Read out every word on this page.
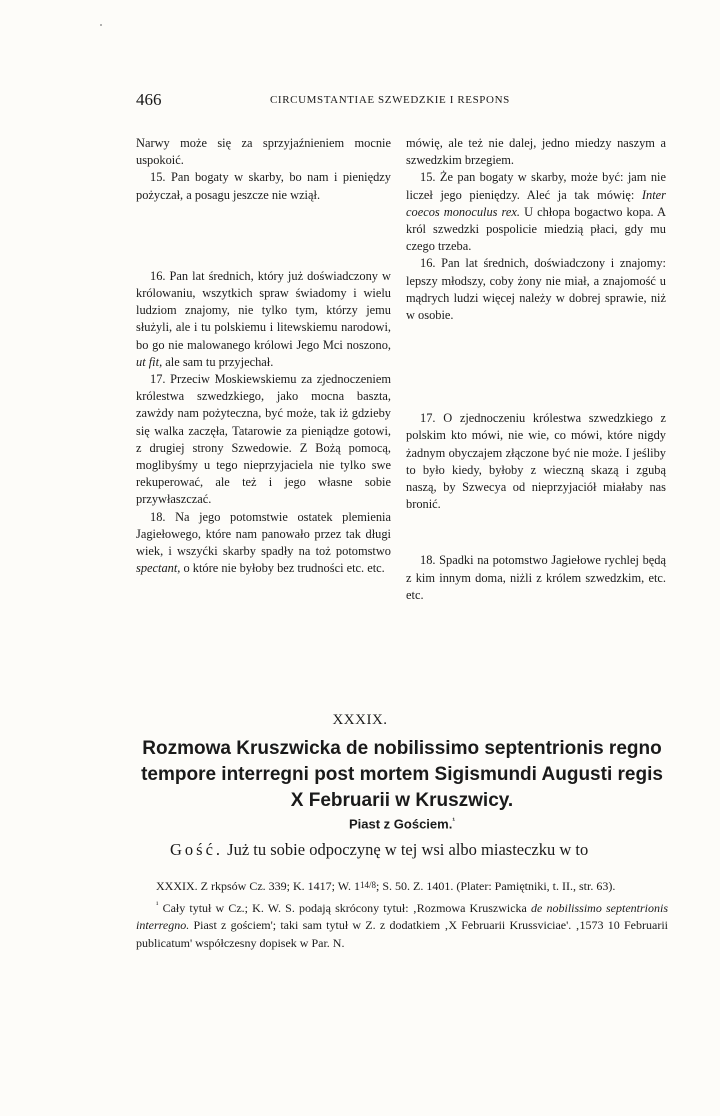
466	CIRCUMSTANTIAE SZWEDZKIE I RESPONS

Narwy może się za sprzyjaźnieniem mocnie uspokoić.

15. Pan bogaty w skarby, bo nam i pieniędzy pożyczał, a posagu jeszcze nie wziął.

16. Pan lat średnich, który już doświadczony w królowaniu, wszytkich spraw świadomy i wielu ludziom znajomy, nie tylko tym, którzy jemu służyli, ale i tu polskiemu i litewskiemu narodowi, bo go nie malowanego królowi Jego Mci noszono, ut fit, ale sam tu przyjechał.

17. Przeciw Moskiewskiemu za zjednoczeniem królestwa szwedzkiego, jako mocna baszta, zawżdy nam pożyteczna, być może, tak iż gdzieby się walka zaczęła, Tatarowie za pieniądze gotowi, z drugiej strony Szwedowie. Z Bożą pomocą, moglibyśmy u tego nieprzyjaciela nie tylko swe rekuperować, ale też i jego własne sobie przywłaszczać.

18. Na jego potomstwie ostatek plemienia Jagiełowego, które nam panowało przez tak długi wiek, i wszyćki skarby spadły na toż potomstwo spectant, o które nie byłoby bez trudności etc. etc.

mówię, ale też nie dalej, jedno miedzy naszym a szwedzkim brzegiem.

15. Że pan bogaty w skarby, może być: jam nie liczeł jego pieniędzy. Aleć ja tak mówię: Inter coecos monoculus rex. U chłopa bogactwo kopa. A król szwedzki pospolicie miedzią płaci, gdy mu czego trzeba.

16. Pan lat średnich, doświadczony i znajomy: lepszy młodszy, coby żony nie miał, a znajomość u mądrych ludzi więcej należy w dobrej sprawie, niż w osobie.

17. O zjednoczeniu królestwa szwedzkiego z polskim kto mówi, nie wie, co mówi, które nigdy żadnym obyczajem złączone być nie może. I jeśliby to było kiedy, byłoby z wieczną skazą i zgubą naszą, by Szwecya od nieprzyjaciół miałaby nas bronić.

18. Spadki na potomstwo Jagiełowe rychlej będą z kim innym doma, niżli z królem szwedzkim, etc. etc.

XXXIX.
Rozmowa Kruszwicka de nobilissimo septentrionis regno tempore interregni post mortem Sigismundi Augusti regis X Februarii w Kruszwicy.
Piast z Gościem.$^{^1}$
Gość. Już tu sobie odpoczynę w tej wsi albo miasteczku w to

XXXIX. Z rkpsów Cz. 339; K. 1417; W. 114/8; S. 50. Z. 1401. (Plater: Pamiętniki, t. II., str. 63).

$^{^1}$ Cały tytuł w Cz.; K. W. S. podają skrócony tytuł: ‚Rozmowa Kruszwicka de nobilissimo septentrionis interregno. Piast z gościem'; taki sam tytuł w Z. z dodatkiem ‚X Februarii Krussviciae'. ‚1573 10 Februarii publicatum' współczesny dopisek w Par. N.
